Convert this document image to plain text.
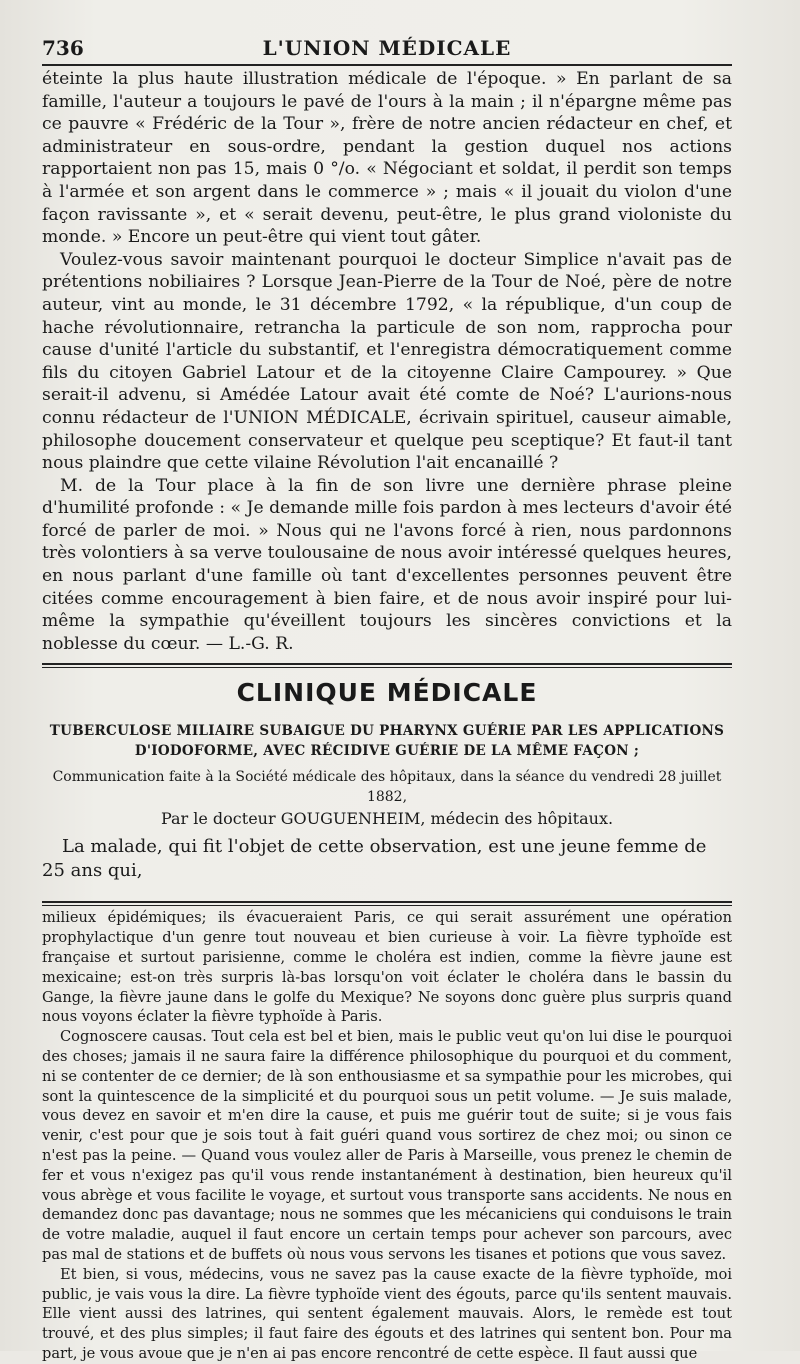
736	L'UNION MÉDICALE

éteinte la plus haute illustration médicale de l'époque. » En parlant de sa famille, l'auteur a toujours le pavé de l'ours à la main ; il n'épargne même pas ce pauvre « Frédéric de la Tour », frère de notre ancien rédacteur en chef, et administrateur en sous-ordre, pendant la gestion duquel nos actions rapportaient non pas 15, mais 0 °/o. « Négociant et soldat, il perdit son temps à l'armée et son argent dans le commerce » ; mais « il jouait du violon d'une façon ravissante », et « serait devenu, peut-être, le plus grand violoniste du monde. » Encore un peut-être qui vient tout gâter.

Voulez-vous savoir maintenant pourquoi le docteur Simplice n'avait pas de prétentions nobiliaires ? Lorsque Jean-Pierre de la Tour de Noé, père de notre auteur, vint au monde, le 31 décembre 1792, « la république, d'un coup de hache révolutionnaire, retrancha la particule de son nom, rapprocha pour cause d'unité l'article du substantif, et l'enregistra démocratiquement comme fils du citoyen Gabriel Latour et de la citoyenne Claire Campourey. » Que serait-il advenu, si Amédée Latour avait été comte de Noé? L'aurions-nous connu rédacteur de l'UNION MÉDICALE, écrivain spirituel, causeur aimable, philosophe doucement conservateur et quelque peu sceptique? Et faut-il tant nous plaindre que cette vilaine Révolution l'ait encanaillé ?

M. de la Tour place à la fin de son livre une dernière phrase pleine d'humilité profonde : « Je demande mille fois pardon à mes lecteurs d'avoir été forcé de parler de moi. » Nous qui ne l'avons forcé à rien, nous pardonnons très volontiers à sa verve toulousaine de nous avoir intéressé quelques heures, en nous parlant d'une famille où tant d'excellentes personnes peuvent être citées comme encouragement à bien faire, et de nous avoir inspiré pour lui-même la sympathie qu'éveillent toujours les sincères convictions et la noblesse du cœur. — L.-G. R.

CLINIQUE MÉDICALE
TUBERCULOSE MILIAIRE SUBAIGUE DU PHARYNX GUÉRIE PAR LES APPLICATIONS
D'IODOFORME, AVEC RÉCIDIVE GUÉRIE DE LA MÊME FAÇON ;

Communication faite à la Société médicale des hôpitaux, dans la séance du vendredi 28 juillet 1882,

Par le docteur GOUGUENHEIM, médecin des hôpitaux.

La malade, qui fit l'objet de cette observation, est une jeune femme de 25 ans qui,

milieux épidémiques; ils évacueraient Paris, ce qui serait assurément une opération prophylactique d'un genre tout nouveau et bien curieuse à voir. La fièvre typhoïde est française et surtout parisienne, comme le choléra est indien, comme la fièvre jaune est mexicaine; est-on très surpris là-bas lorsqu'on voit éclater le choléra dans le bassin du Gange, la fièvre jaune dans le golfe du Mexique? Ne soyons donc guère plus surpris quand nous voyons éclater la fièvre typhoïde à Paris.

Cognoscere causas. Tout cela est bel et bien, mais le public veut qu'on lui dise le pourquoi des choses; jamais il ne saura faire la différence philosophique du pourquoi et du comment, ni se contenter de ce dernier; de là son enthousiasme et sa sympathie pour les microbes, qui sont la quintescence de la simplicité et du pourquoi sous un petit volume. — Je suis malade, vous devez en savoir et m'en dire la cause, et puis me guérir tout de suite; si je vous fais venir, c'est pour que je sois tout à fait guéri quand vous sortirez de chez moi; ou sinon ce n'est pas la peine. — Quand vous voulez aller de Paris à Marseille, vous prenez le chemin de fer et vous n'exigez pas qu'il vous rende instantanément à destination, bien heureux qu'il vous abrège et vous facilite le voyage, et surtout vous transporte sans accidents. Ne nous en demandez donc pas davantage; nous ne sommes que les mécaniciens qui conduisons le train de votre maladie, auquel il faut encore un certain temps pour achever son parcours, avec pas mal de stations et de buffets où nous vous servons les tisanes et potions que vous savez.

Et bien, si vous, médecins, vous ne savez pas la cause exacte de la fièvre typhoïde, moi public, je vais vous la dire. La fièvre typhoïde vient des égouts, parce qu'ils sentent mauvais. Elle vient aussi des latrines, qui sentent également mauvais. Alors, le remède est tout trouvé, et des plus simples; il faut faire des égouts et des latrines qui sentent bon. Pour ma part, je vous avoue que je n'en ai pas encore rencontré de cette espèce. Il faut aussi que
